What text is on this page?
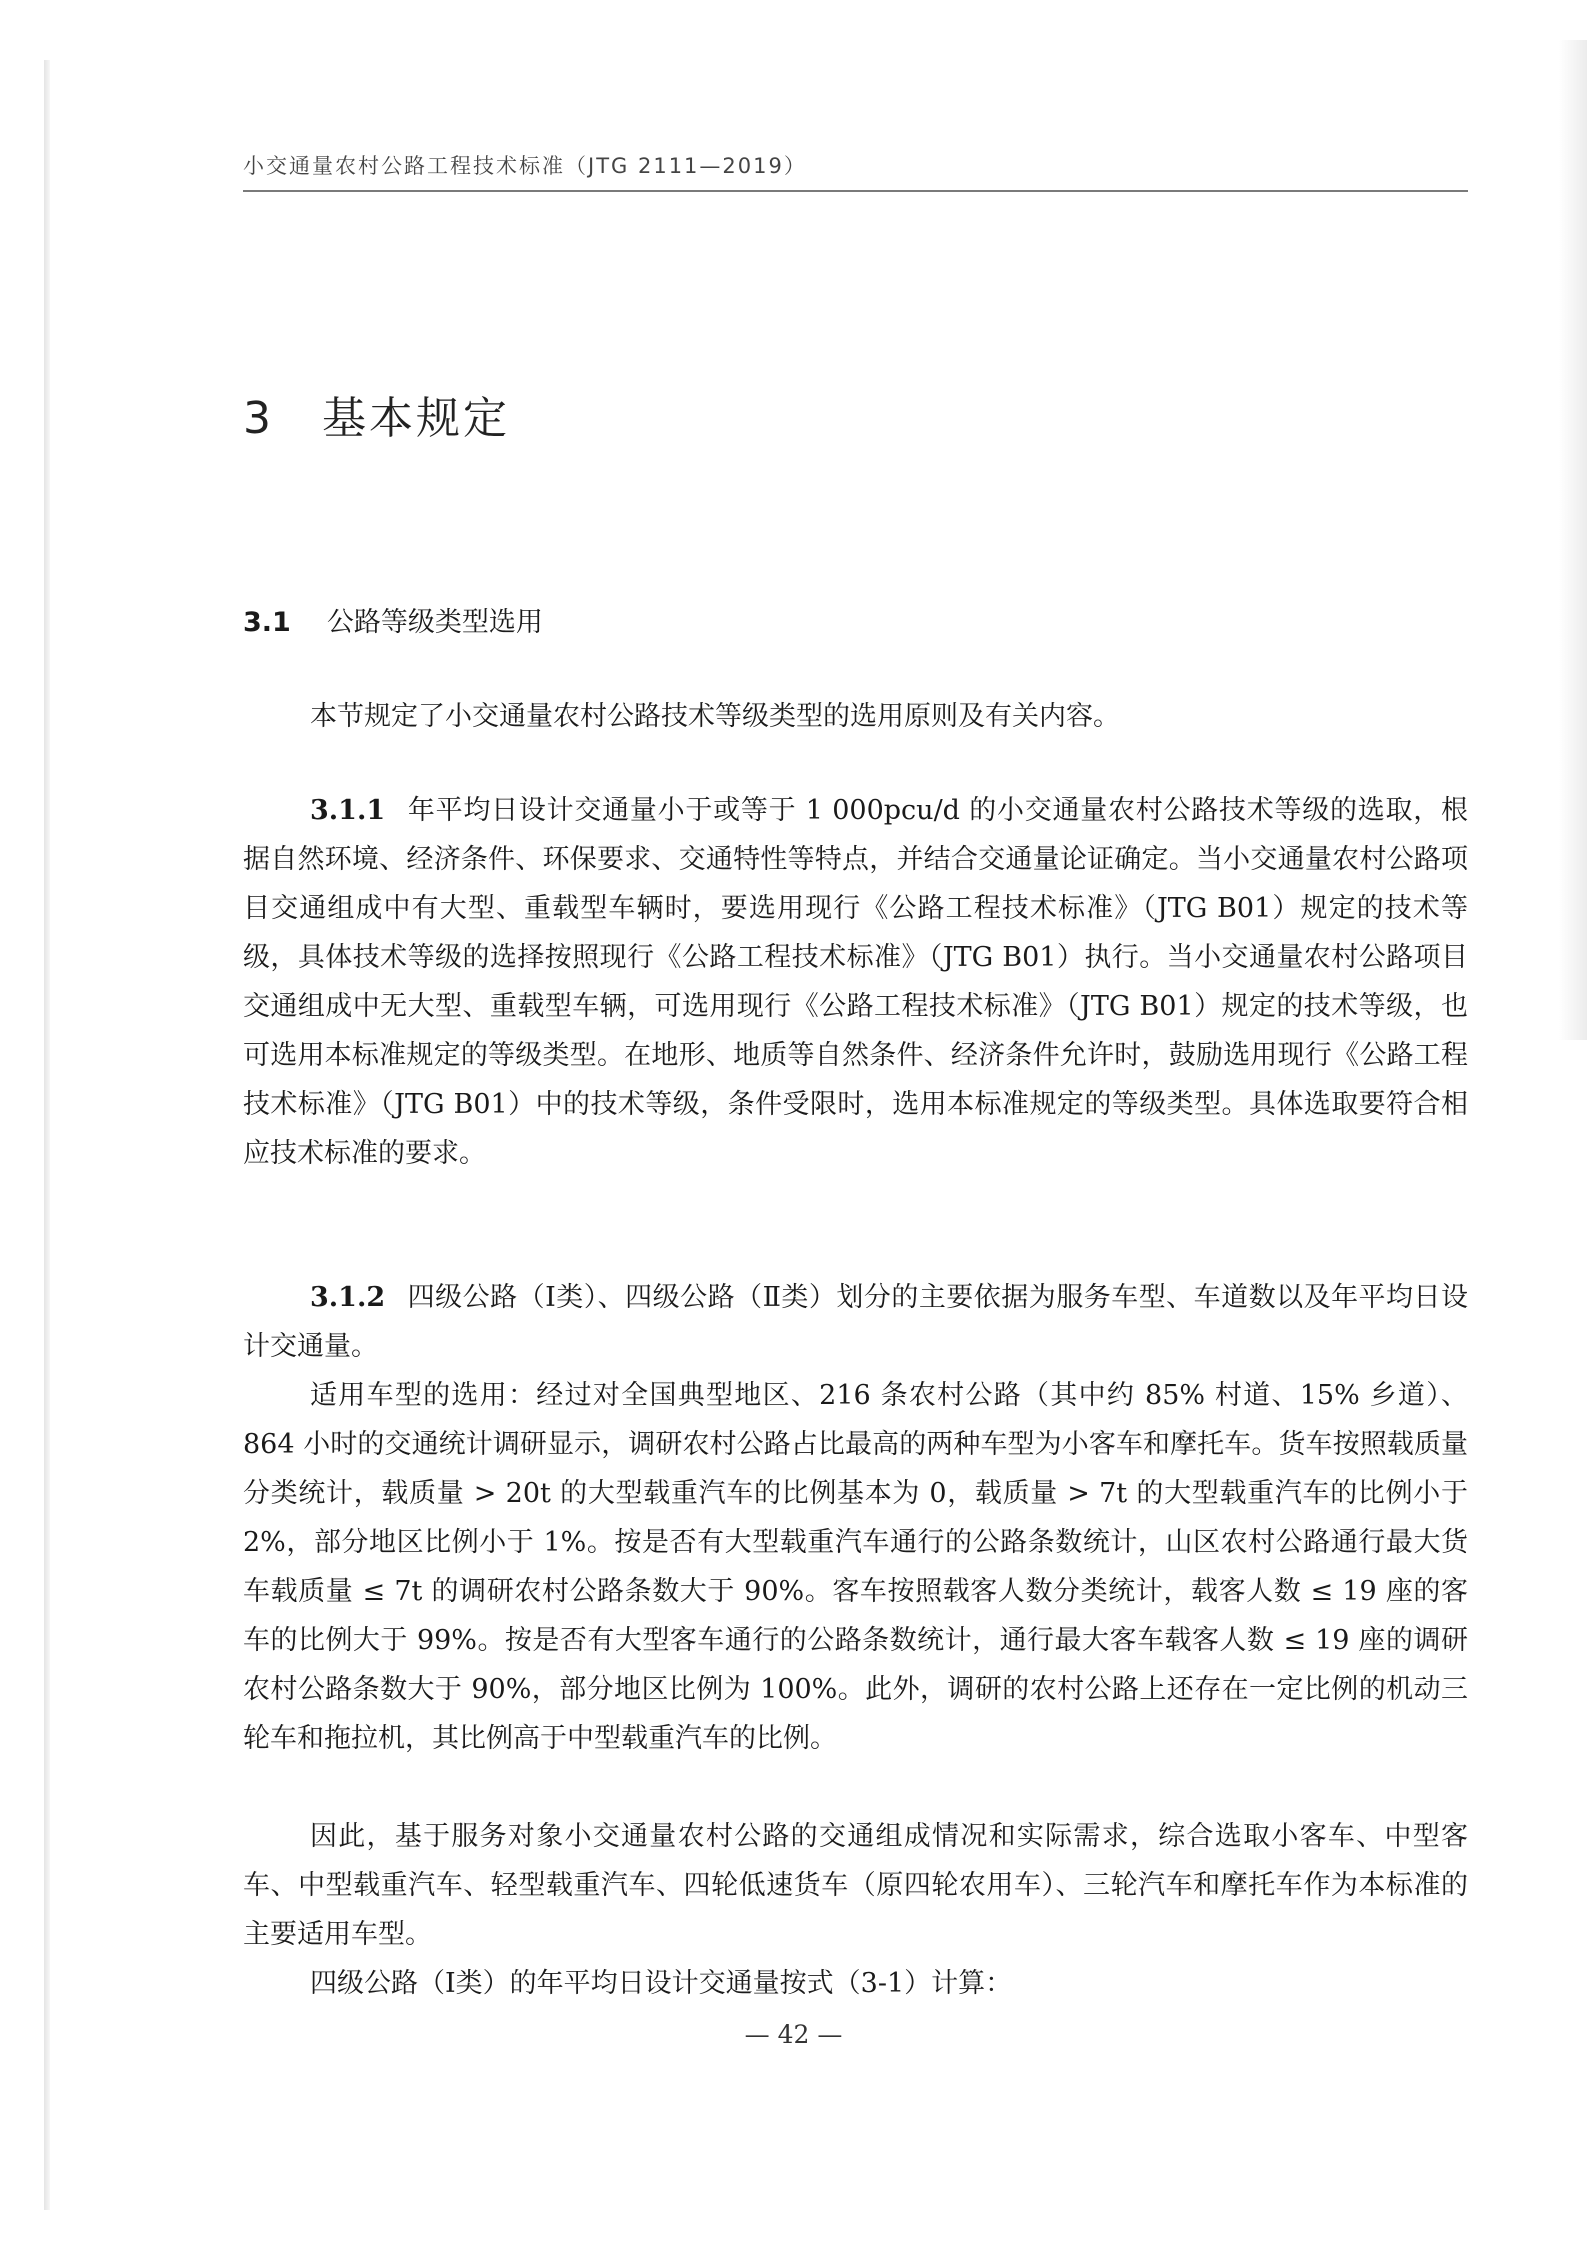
小交通量农村公路工程技术标准（JTG 2111—2019）
3 基本规定
3.1 公路等级类型选用

本节规定了小交通量农村公路技术等级类型的选用原则及有关内容。

3.1.1 年平均日设计交通量小于或等于 1 000pcu/d 的小交通量农村公路技术等级的选取，根据自然环境、经济条件、环保要求、交通特性等特点，并结合交通量论证确定。当小交通量农村公路项目交通组成中有大型、重载型车辆时，要选用现行《公路工程技术标准》（JTG B01）规定的技术等级，具体技术等级的选择按照现行《公路工程技术标准》（JTG B01）执行。当小交通量农村公路项目交通组成中无大型、重载型车辆，可选用现行《公路工程技术标准》（JTG B01）规定的技术等级，也可选用本标准规定的等级类型。在地形、地质等自然条件、经济条件允许时，鼓励选用现行《公路工程技术标准》（JTG B01）中的技术等级，条件受限时，选用本标准规定的等级类型。具体选取要符合相应技术标准的要求。

3.1.2 四级公路（Ⅰ类）、四级公路（Ⅱ类）划分的主要依据为服务车型、车道数以及年平均日设计交通量。

适用车型的选用：经过对全国典型地区、216 条农村公路（其中约 85% 村道、15% 乡道）、864 小时的交通统计调研显示，调研农村公路占比最高的两种车型为小客车和摩托车。货车按照载质量分类统计，载质量 > 20t 的大型载重汽车的比例基本为 0，载质量 > 7t 的大型载重汽车的比例小于 2%，部分地区比例小于 1%。按是否有大型载重汽车通行的公路条数统计，山区农村公路通行最大货车载质量 ≤ 7t 的调研农村公路条数大于 90%。客车按照载客人数分类统计，载客人数 ≤ 19 座的客车的比例大于 99%。按是否有大型客车通行的公路条数统计，通行最大客车载客人数 ≤ 19 座的调研农村公路条数大于 90%，部分地区比例为 100%。此外，调研的农村公路上还存在一定比例的机动三轮车和拖拉机，其比例高于中型载重汽车的比例。

因此，基于服务对象小交通量农村公路的交通组成情况和实际需求，综合选取小客车、中型客车、中型载重汽车、轻型载重汽车、四轮低速货车（原四轮农用车）、三轮汽车和摩托车作为本标准的主要适用车型。

四级公路（Ⅰ类）的年平均日设计交通量按式（3-1）计算：

— 42 —
